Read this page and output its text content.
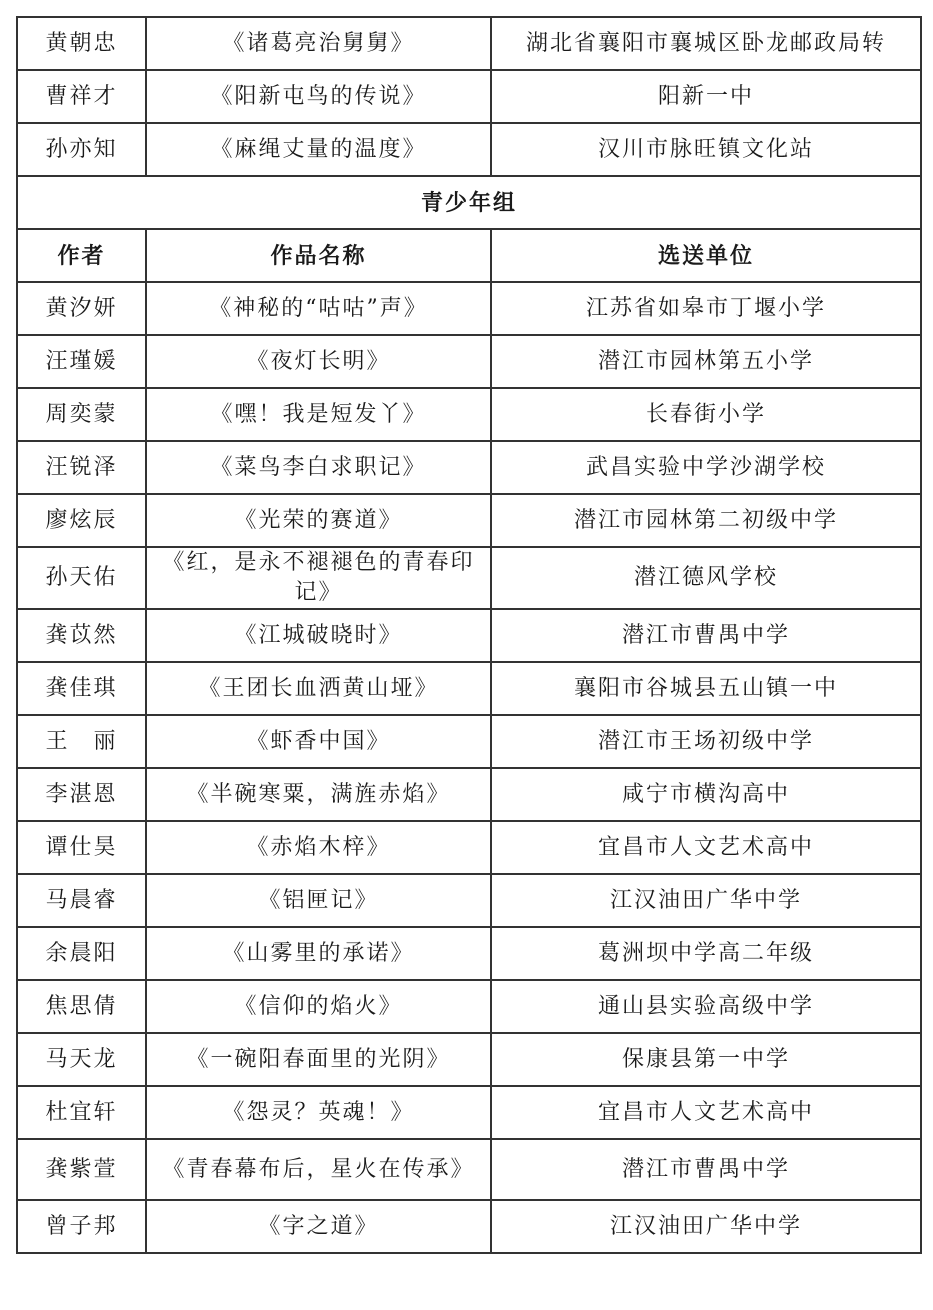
黄朝忠	《诸葛亮治舅舅》	湖北省襄阳市襄城区卧龙邮政局转
曹祥才	《阳新屯鸟的传说》	阳新一中
孙亦知	《麻绳丈量的温度》	汉川市脉旺镇文化站
青少年组		
作者	作品名称	选送单位
黄汐妍	《神秘的“咕咕”声》	江苏省如皋市丁堰小学
汪瑾媛	《夜灯长明》	潜江市园林第五小学
周奕蒙	《嘿！我是短发丫》	长春街小学
汪锐泽	《菜鸟李白求职记》	武昌实验中学沙湖学校
廖炫辰	《光荣的赛道》	潜江市园林第二初级中学
孙天佑	《红，是永不褪褪色的青春印记》	潜江德风学校
龚苡然	《江城破晓时》	潜江市曹禺中学
龚佳琪	《王团长血洒黄山垭》	襄阳市谷城县五山镇一中
王　丽	《虾香中国》	潜江市王场初级中学
李湛恩	《半碗寒粟，满旌赤焰》	咸宁市横沟高中
谭仕昊	《赤焰木梓》	宜昌市人文艺术高中
马晨睿	《铝匣记》	江汉油田广华中学
余晨阳	《山雾里的承诺》	葛洲坝中学高二年级
焦思倩	《信仰的焰火》	通山县实验高级中学
马天龙	《一碗阳春面里的光阴》	保康县第一中学
杜宜轩	《怨灵？英魂！》	宜昌市人文艺术高中
龚紫萱	《青春幕布后，星火在传承》	潜江市曹禺中学
曾子邦	《字之道》	江汉油田广华中学
